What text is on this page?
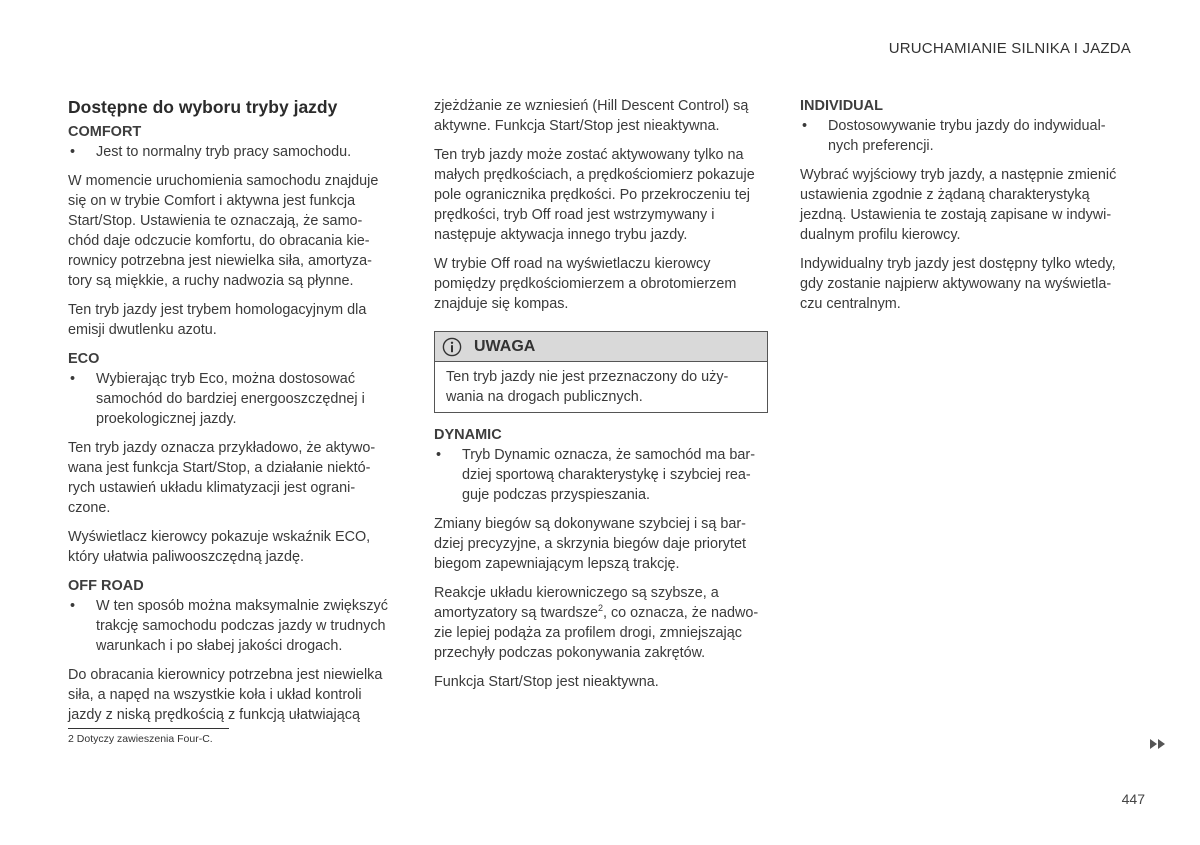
URUCHAMIANIE SILNIKA I JAZDA
Dostępne do wyboru tryby jazdy
COMFORT
• Jest to normalny tryb pracy samochodu.

W momencie uruchomienia samochodu znajduje
się on w trybie Comfort i aktywna jest funkcja
Start/Stop. Ustawienia te oznaczają, że samo-
chód daje odczucie komfortu, do obracania kie-
rownicy potrzebna jest niewielka siła, amortyza-
tory są miękkie, a ruchy nadwozia są płynne.

Ten tryb jazdy jest trybem homologacyjnym dla
emisji dwutlenku azotu.

ECO
• Wybierając tryb Eco, można dostosować
samochód do bardziej energooszczędnej i
proekologicznej jazdy.

Ten tryb jazdy oznacza przykładowo, że aktywo-
wana jest funkcja Start/Stop, a działanie niektó-
rych ustawień układu klimatyzacji jest ograni-
czone.

Wyświetlacz kierowcy pokazuje wskaźnik ECO,
który ułatwia paliwooszczędną jazdę.

OFF ROAD
• W ten sposób można maksymalnie zwiększyć
trakcję samochodu podczas jazdy w trudnych
warunkach i po słabej jakości drogach.

Do obracania kierownicy potrzebna jest niewielka
siła, a napęd na wszystkie koła i układ kontroli
jazdy z niską prędkością z funkcją ułatwiającą

zjeżdżanie ze wzniesień (Hill Descent Control) są
aktywne. Funkcja Start/Stop jest nieaktywna.

Ten tryb jazdy może zostać aktywowany tylko na
małych prędkościach, a prędkościomierz pokazuje
pole ogranicznika prędkości. Po przekroczeniu tej
prędkości, tryb Off road jest wstrzymywany i
następuje aktywacja innego trybu jazdy.

W trybie Off road na wyświetlaczu kierowcy
pomiędzy prędkościomierzem a obrotomierzem
znajduje się kompas.

UWAGA

Ten tryb jazdy nie jest przeznaczony do uży-
wania na drogach publicznych.

DYNAMIC
• Tryb Dynamic oznacza, że samochód ma bar-
dziej sportową charakterystykę i szybciej rea-
guje podczas przyspieszania.

Zmiany biegów są dokonywane szybciej i są bar-
dziej precyzyjne, a skrzynia biegów daje priorytet
biegom zapewniającym lepszą trakcję.

Reakcje układu kierowniczego są szybsze, a
amortyzatory są twardsze$^2$, co oznacza, że nadwo-
zie lepiej podąża za profilem drogi, zmniejszając
przechyły podczas pokonywania zakrętów.

Funkcja Start/Stop jest nieaktywna.

INDIVIDUAL
• Dostosowywanie trybu jazdy do indywidual-
nych preferencji.

Wybrać wyjściowy tryb jazdy, a następnie zmienić
ustawienia zgodnie z żądaną charakterystyką
jezdną. Ustawienia te zostają zapisane w indywi-
dualnym profilu kierowcy.

Indywidualny tryb jazdy jest dostępny tylko wtedy,
gdy zostanie najpierw aktywowany na wyświetla-
czu centralnym.

2 Dotyczy zawieszenia Four-C.
447
